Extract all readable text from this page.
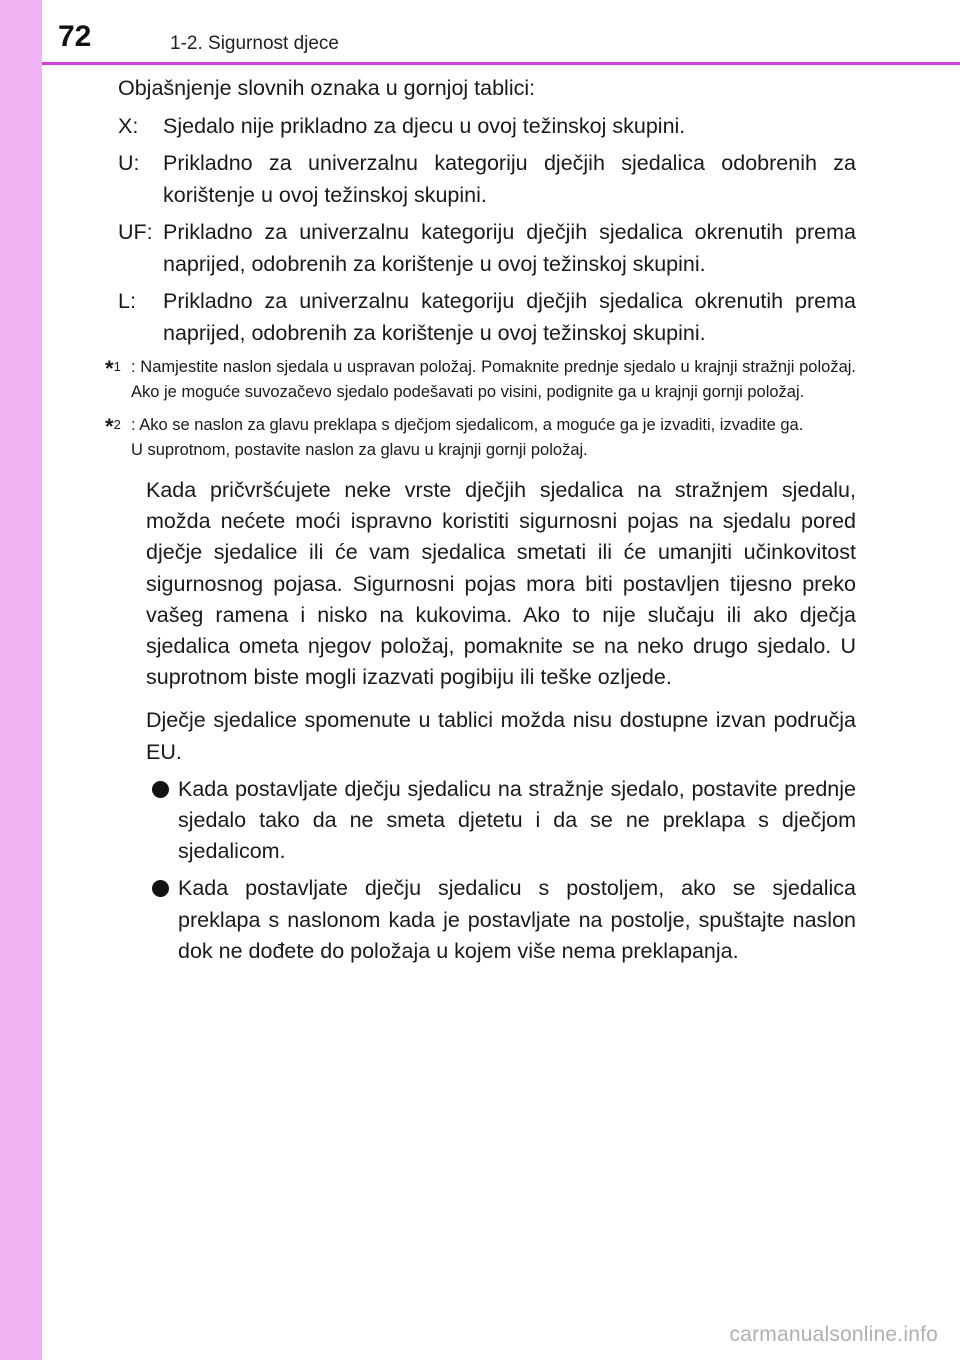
72	1-2. Sigurnost djece

Objašnjenje slovnih oznaka u gornjoj tablici:

X:	Sjedalo nije prikladno za djecu u ovoj težinskoj skupini.
U:	Prikladno za univerzalnu kategoriju dječjih sjedalica odobrenih za korištenje u ovoj težinskoj skupini.
UF: Prikladno za univerzalnu kategoriju dječjih sjedalica okrenutih prema naprijed, odobrenih za korištenje u ovoj težinskoj skupini.
L:	Prikladno za univerzalnu kategoriju dječjih sjedalica okrenutih prema naprijed, odobrenih za korištenje u ovoj težinskoj skupini.
*$^1$ : Namjestite naslon sjedala u uspravan položaj. Pomaknite prednje sjedalo u krajnji stražnji položaj. Ako je moguće suvozačevo sjedalo podešavati po visini, podignite ga u krajnji gornji položaj.
*$^2$ : Ako se naslon za glavu preklapa s dječjom sjedalicom, a moguće ga je izvaditi, izvadite ga.
U suprotnom, postavite naslon za glavu u krajnji gornji položaj.

Kada pričvršćujete neke vrste dječjih sjedalica na stražnjem sjedalu, možda nećete moći ispravno koristiti sigurnosni pojas na sjedalu pored dječje sjedalice ili će vam sjedalica smetati ili će umanjiti učinkovitost sigurnosnog pojasa. Sigurnosni pojas mora biti postavljen tijesno preko vašeg ramena i nisko na kukovima. Ako to nije slučaju ili ako dječja sjedalica ometa njegov položaj, pomaknite se na neko drugo sjedalo. U suprotnom biste mogli izazvati pogibiju ili teške ozljede.

Dječje sjedalice spomenute u tablici možda nisu dostupne izvan područja EU.

Kada postavljate dječju sjedalicu na stražnje sjedalo, postavite prednje sjedalo tako da ne smeta djetetu i da se ne preklapa s dječjom sjedalicom.
Kada postavljate dječju sjedalicu s postoljem, ako se sjedalica preklapa s naslonom kada je postavljate na postolje, spuštajte naslon dok ne dođete do položaja u kojem više nema preklapanja.
carmanualsonline.info
